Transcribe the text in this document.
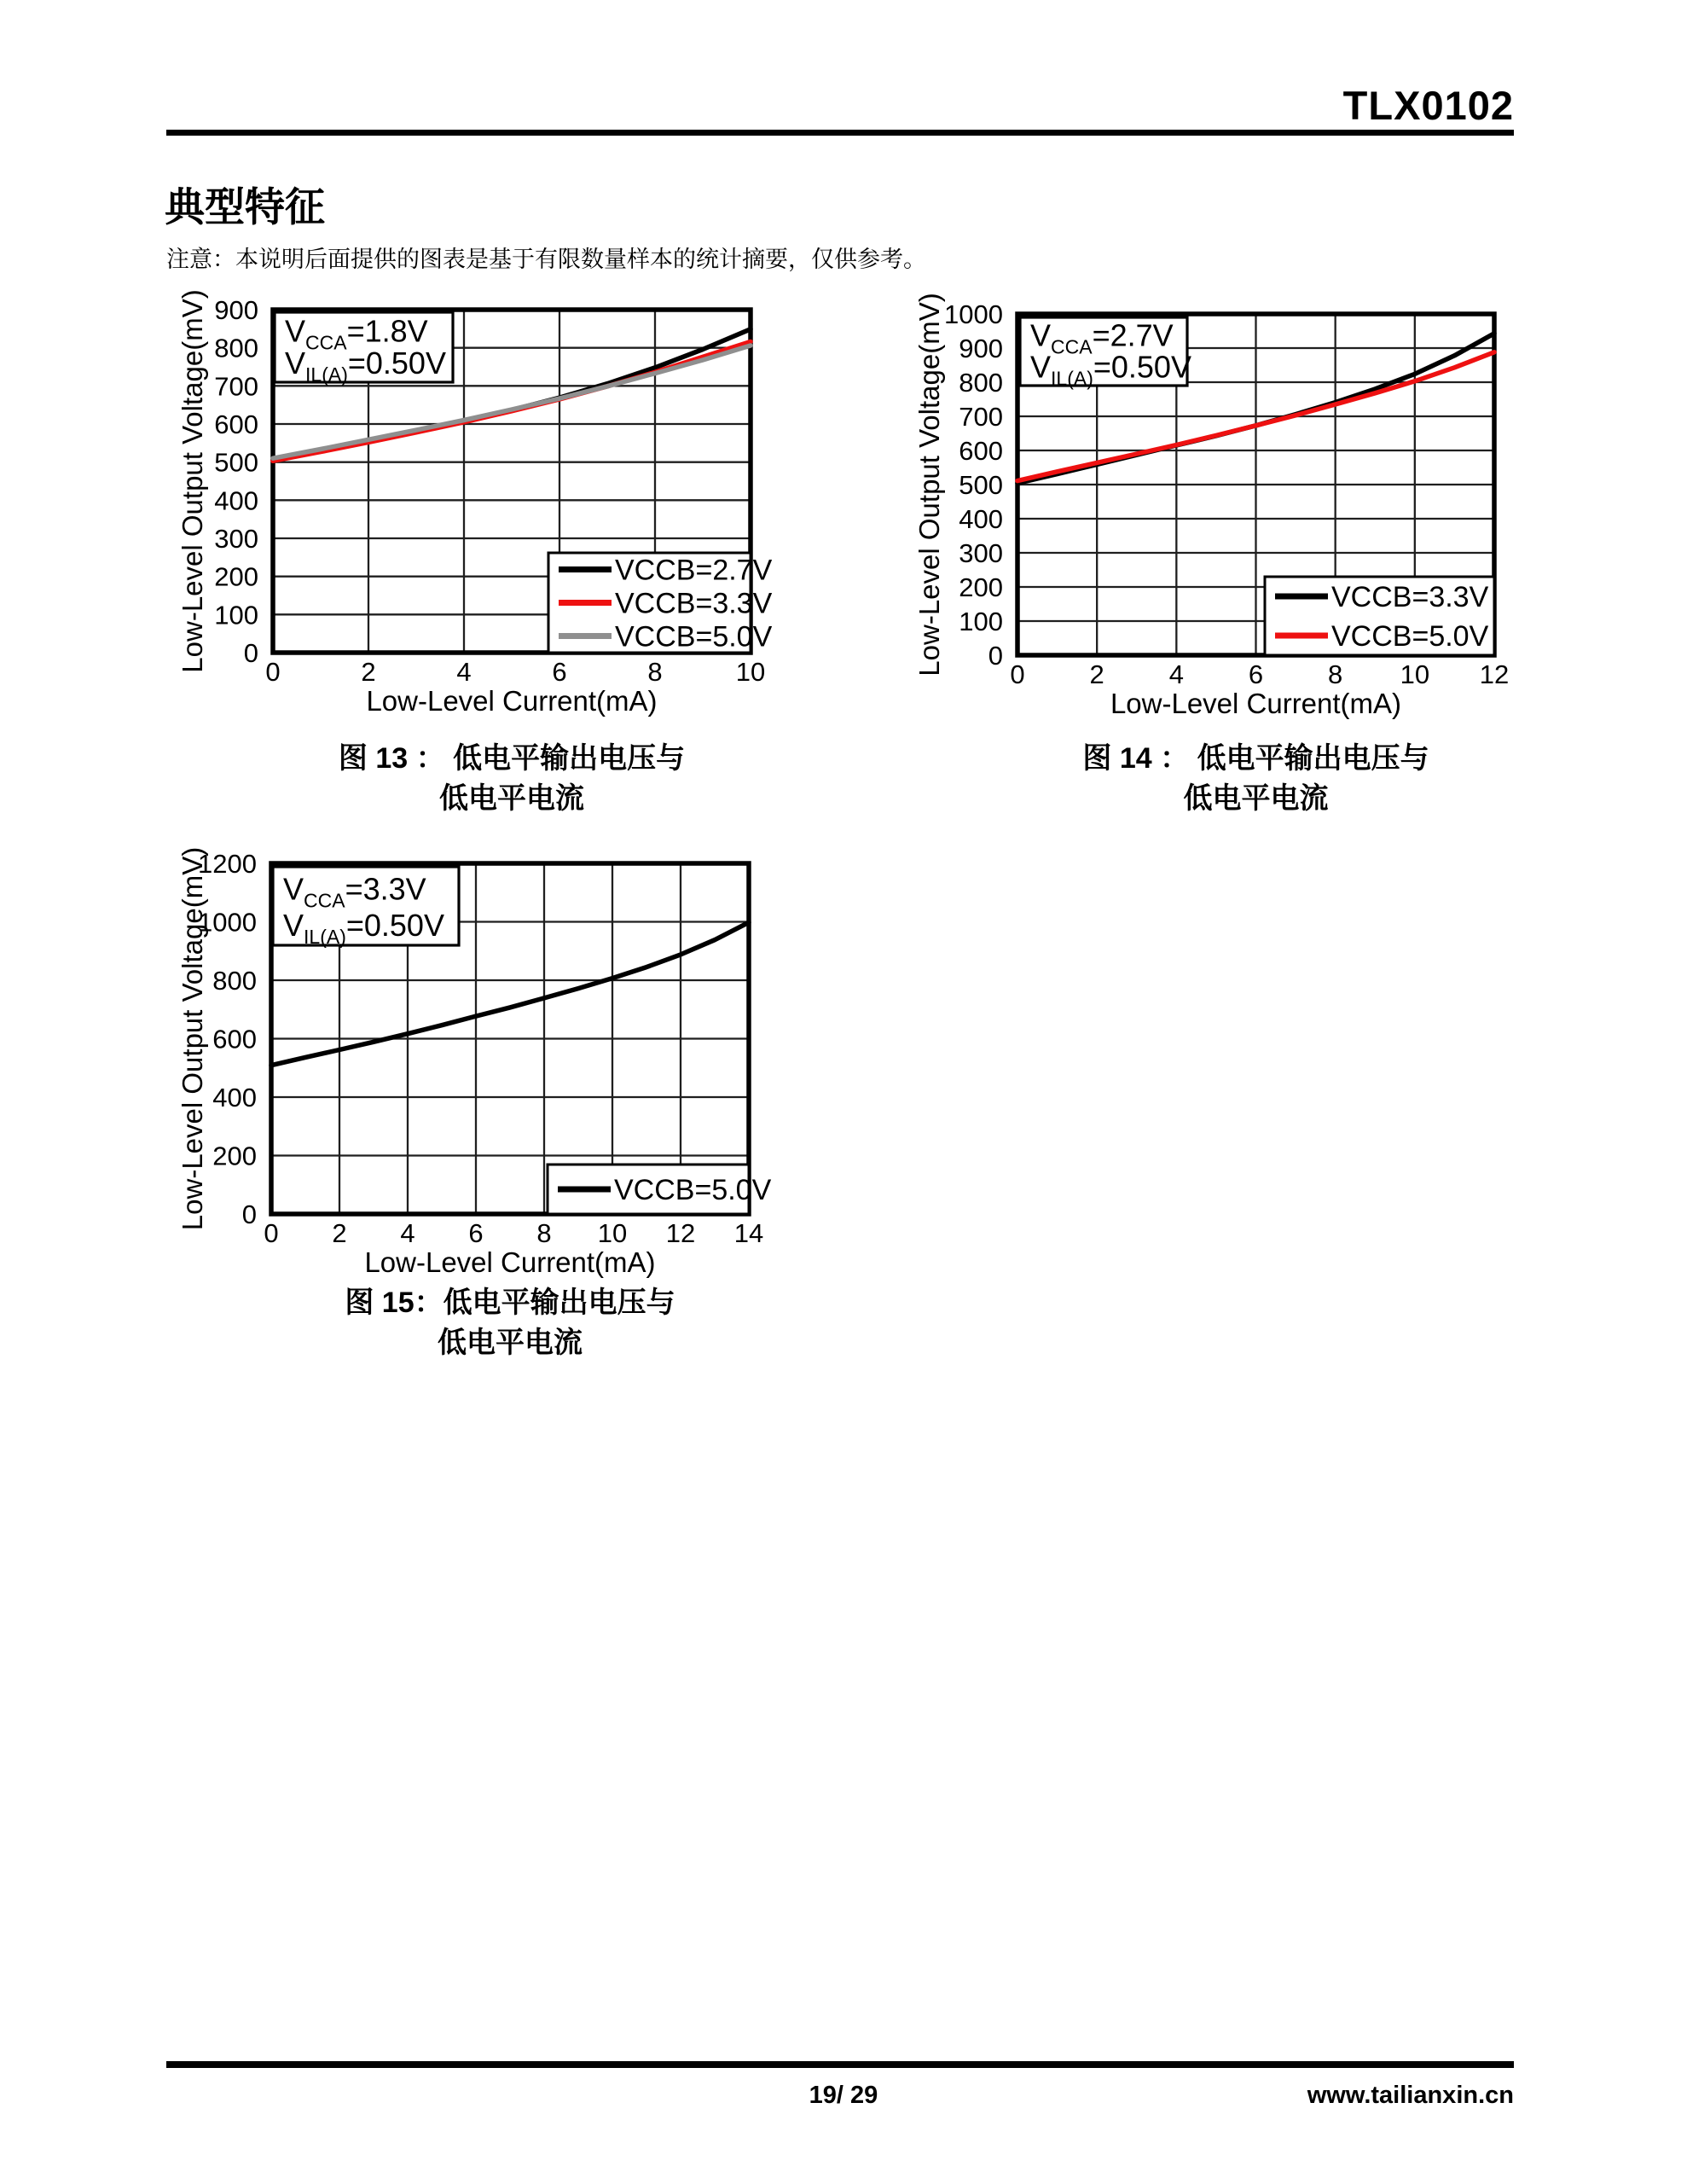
TLX0102
典型特征
注意：本说明后面提供的图表是基于有限数量样本的统计摘要，仅供参考。
$V_{CCA}=1.8V$
$V_{IL(A)}=0.50V$
VCCB=2.7V
VCCB=3.3V
VCCB=5.0V
0	2	4	6	8	10
0
100
200
300
400
500
600
700
800
900
Low-Level Current(mA)
Low-Level Output Voltage(mV)	$V_{CCA}=2.7V$
$V_{IL(A)}=0.50V$
VCCB=3.3V
VCCB=5.0V
0 2 4 6 8 10 12
0
100
200
300
400
500
600
700
800
900
1000
Low-Level Current(mA)
Low-Level Output Voltage(mV)
$V_{CCA}=3.3V$
$V_{IL(A)}=0.50V$
VCCB=5.0V
0 2 4 6 8 10 12 14
0
200
400
600
800
1000
1200
Low-Level Current(mA)
Low-Level Output Voltage(mV)
图 13 ： 低电平输出电压与
低电平电流
图 14 ： 低电平输出电压与
低电平电流
图 15：低电平输出电压与
低电平电流
19/ 29	www.tailianxin.cn
